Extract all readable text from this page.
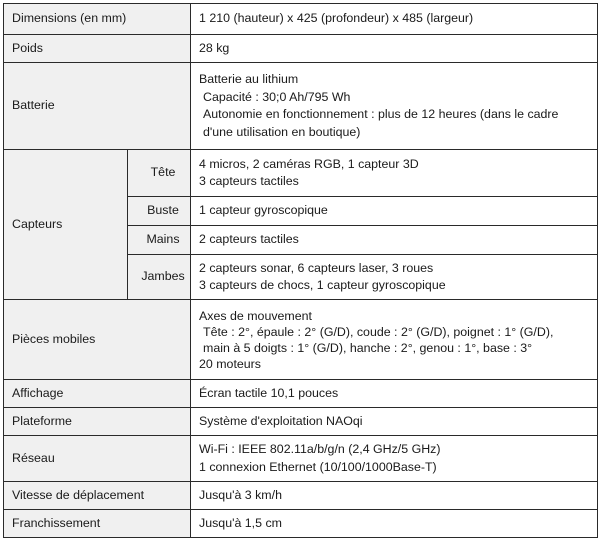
Dimensions (en mm)		1 210 (hauteur) x 425 (profondeur) x 485 (largeur)

Poids		28 kg

Batterie		Batterie au lithium
Capacité : 30;0 Ah/795 Wh
Autonomie en fonctionnement : plus de 12 heures (dans le cadre
d'une utilisation en boutique)

Capteurs	Tête	4 micros, 2 caméras RGB, 1 capteur 3D
3 capteurs tactiles

	Buste	1 capteur gyroscopique

	Mains	2 capteurs tactiles

	Jambes	2 capteurs sonar, 6 capteurs laser, 3 roues
3 capteurs de chocs, 1 capteur gyroscopique

Pièces mobiles		Axes de mouvement
Tête : 2°, épaule : 2° (G/D), coude : 2° (G/D), poignet : 1° (G/D),
main à 5 doigts : 1° (G/D), hanche : 2°, genou : 1°, base : 3°
20 moteurs

Affichage		Écran tactile 10,1 pouces

Plateforme		Système d'exploitation NAOqi

Réseau		Wi-Fi : IEEE 802.11a/b/g/n (2,4 GHz/5 GHz)
1 connexion Ethernet (10/100/1000Base-T)

Vitesse de déplacement		Jusqu'à 3 km/h

Franchissement		Jusqu'à 1,5 cm
